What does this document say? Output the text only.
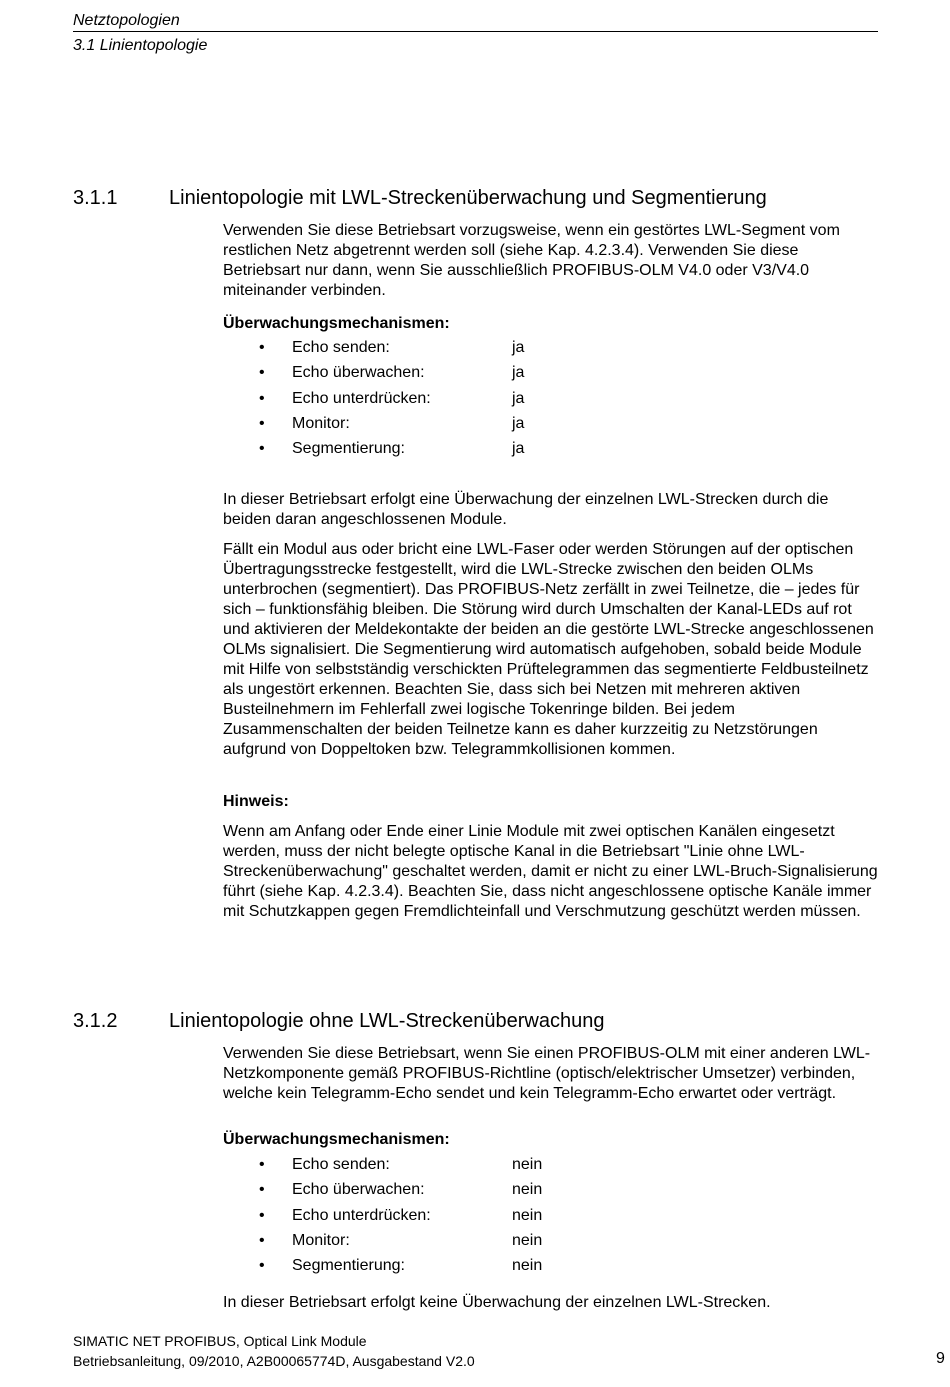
Netztopologien
3.1 Linientopologie
3.1.1	Linientopologie mit LWL-Streckenüberwachung und Segmentierung

Verwenden Sie diese Betriebsart vorzugsweise, wenn ein gestörtes LWL-Segment vom restlichen Netz abgetrennt werden soll (siehe Kap. 4.2.3.4). Verwenden Sie diese Betriebsart nur dann, wenn Sie ausschließlich PROFIBUS-OLM V4.0 oder V3/V4.0 miteinander verbinden.

Überwachungsmechanismen:
• Echo senden:	ja
• Echo überwachen:	ja
• Echo unterdrücken:	ja
• Monitor:	ja
• Segmentierung:	ja

In dieser Betriebsart erfolgt eine Überwachung der einzelnen LWL-Strecken durch die beiden daran angeschlossenen Module.

Fällt ein Modul aus oder bricht eine LWL-Faser oder werden Störungen auf der optischen Übertragungsstrecke festgestellt, wird die LWL-Strecke zwischen den beiden OLMs unterbrochen (segmentiert). Das PROFIBUS-Netz zerfällt in zwei Teilnetze, die – jedes für sich – funktionsfähig bleiben. Die Störung wird durch Umschalten der Kanal-LEDs auf rot und aktivieren der Meldekontakte der beiden an die gestörte LWL-Strecke angeschlossenen OLMs signalisiert. Die Segmentierung wird automatisch aufgehoben, sobald beide Module mit Hilfe von selbstständig verschickten Prüftelegrammen das segmentierte Feldbusteilnetz als ungestört erkennen. Beachten Sie, dass sich bei Netzen mit mehreren aktiven Busteilnehmern im Fehlerfall zwei logische Tokenringe bilden. Bei jedem Zusammenschalten der beiden Teilnetze kann es daher kurzzeitig zu Netzstörungen aufgrund von Doppeltoken bzw. Telegrammkollisionen kommen.

Hinweis:

Wenn am Anfang oder Ende einer Linie Module mit zwei optischen Kanälen eingesetzt werden, muss der nicht belegte optische Kanal in die Betriebsart "Linie ohne LWL-Streckenüberwachung" geschaltet werden, damit er nicht zu einer LWL-Bruch-Signalisierung führt (siehe Kap. 4.2.3.4). Beachten Sie, dass nicht angeschlossene optische Kanäle immer mit Schutzkappen gegen Fremdlichteinfall und Verschmutzung geschützt werden müssen.

3.1.2	Linientopologie ohne LWL-Streckenüberwachung

Verwenden Sie diese Betriebsart, wenn Sie einen PROFIBUS-OLM mit einer anderen LWL-Netzkomponente gemäß PROFIBUS-Richtline (optisch/elektrischer Umsetzer) verbinden, welche kein Telegramm-Echo sendet und kein Telegramm-Echo erwartet oder verträgt.

Überwachungsmechanismen:
• Echo senden:	nein
• Echo überwachen:	nein
• Echo unterdrücken:	nein
• Monitor:	nein
• Segmentierung:	nein

In dieser Betriebsart erfolgt keine Überwachung der einzelnen LWL-Strecken.

SIMATIC NET PROFIBUS, Optical Link Module
Betriebsanleitung, 09/2010, A2B00065774D, Ausgabestand V2.0	9
